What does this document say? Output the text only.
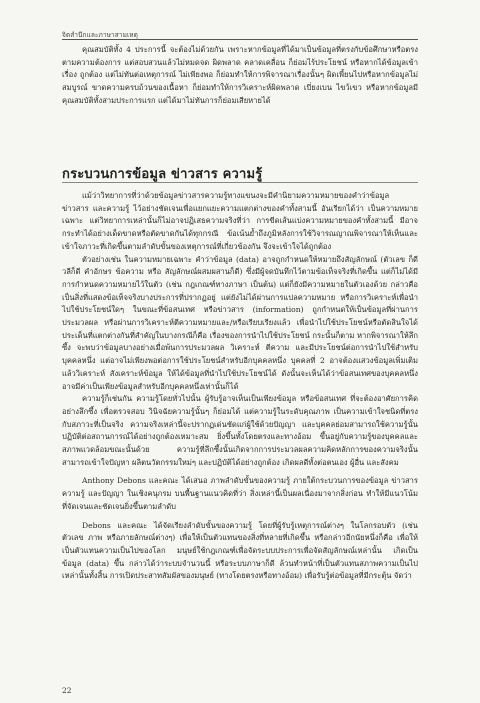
จิตสำนึกและภาษาสามเหตุ

คุณสมบัติทั้ง 4 ประการนี้ จะต้องไม่ด้วยกัน เพราะหากข้อมูลที่ได้มาเป็นข้อมูลที่ตรงกับข้อศึกษาหรือตรงตามความต้องการ แต่สอบสวนแล้วไม่หมดจด ผิดพลาด คลาดเคลื่อน ก็ย่อมไร้ประโยชน์ หรือหากได้ข้อมูลเข้าเรื่อง ถูกต้อง แต่ไม่ทันต่อเหตุการณ์ ไม่เพียงพอ ก็ย่อมทำให้การพิจารณาเรื่องนั้นๆ ผิดเพี้ยนไปหรือหากข้อมูลไม่สมบูรณ์ ขาดความครบถ้วนของเนื้อหา ก็ย่อมทำให้การวิเคราะห์ผิดพลาด เบี่ยงเบน ไขว้เขว หรือหากข้อมูลมีคุณสมบัติทั้งสามประการแรก แต่ได้มาไม่ทันการก็ย่อมเสียหายได้

กระบวนการข้อมูล ข่าวสาร ความรู้

แม้ว่าวิทยาการที่ว่าด้วยข้อมูลข่าวสารความรู้ทางแขนงจะมีคำนิยามความหมายของคำว่าข้อมูล ข่าวสาร และความรู้ ไว้อย่างชัดเจนเพื่อแยกแยะความแตกต่างของคำทั้งสามนี้ อันเรียกได้ว่า เป็นความหมายเฉพาะ แต่วิทยาการเหล่านั้นก็ไม่อาจปฏิเสธความจริงที่ว่า การขีดเส้นแบ่งความหมายของคำทั้งสามนี้ มีอาจกระทำได้อย่างเด็ดขาดหรือตัดขาดกันได้ทุกกรณี ข้อเน้นย้ำถึงภูมิหลังการใช้วิจารณญาณพิจารณาให้เห็นและเข้าใจภาวะที่เกิดขึ้นตามลำดับขั้นของเหตุการณ์ที่เกี่ยวข้องกัน จึงจะเข้าใจได้ถูกต้อง

ตัวอย่างเช่น ในความหมายเฉพาะ คำว่าข้อมูล (data) อาจถูกกำหนดให้หมายถึงสัญลักษณ์ (ตัวเลข ก็ดี วลีก็ดี คำอักษร ข้อความ หรือ สัญลักษณ์ผสมผสานก็ดี) ซึ่งมีผู้จดบันทึกไว้ตามข้อเท็จจริงที่เกิดขึ้น แต่ก็ไม่ได้มีการกำหนดความหมายไว้ในตัว (เช่น กฎเกณฑ์ทางภาษา เป็นต้น) แต่ก็ยังมีความหมายในตัวเองด้วย กล่าวคือเป็นสิ่งที่แสดงข้อเท็จจริงบางประการที่ปรากฏอยู่ แต่ยังไม่ได้ผ่านการแปลความหมาย หรือการวิเคราะห์เพื่อนำไปใช้ประโยชน์ใดๆ ในขณะที่ข้อสนเทศ หรือข่าวสาร (information) ถูกกำหนดให้เป็นข้อมูลที่ผ่านการประมวลผล หรือผ่านการวิเคราะห์ตีความหมายและ/หรือเรียบเรียงแล้ว เพื่อนำไปใช้ประโยชน์หรือตัดสินใจได้ ประเด็นที่แตกต่างกันที่สำคัญในบางกรณีก็คือ เรื่องของการนำไปใช้ประโยชน์ กระนั้นก็ตาม หากพิจารณาให้ลึกซึ้ง จะพบว่าข้อมูลบางอย่างเมื่อพ้นการประมวลผล วิเคราะห์ ตีความ และมีประโยชน์ต่อการนำไปใช้สำหรับบุคคลหนึ่ง แต่อาจไม่เพียงพอต่อการใช้ประโยชน์สำหรับอีกบุคคลหนึ่ง บุคคลที่ 2 อาจต้องแสวงข้อมูลเพิ่มเติม แล้ววิเคราะห์ สังเคราะห์ข้อมูล ให้ได้ข้อมูลที่นำไปใช้ประโยชน์ได้ ดังนั้นจะเห็นได้ว่าข้อสนเทศของบุคคลหนึ่งอาจมีค่าเป็นเพียงข้อมูลสำหรับอีกบุคคลหนึ่งเท่านั้นก็ได้

ความรู้ก็เช่นกัน ความรู้โดยทั่วไปนั้น ผู้รับรู้อาจเห็นเป็นเพียงข้อมูล หรือข้อสนเทศ ที่จะต้องอาศัยการคิดอย่างลึกซึ้ง เพื่อตรวจสอบ วินิจฉัยความรู้นั้นๆ ก็ย่อมได้ แต่ความรู้ในระดับคุณภาพ เป็นความเข้าใจชนิดที่ตรงกับสภาวะที่เป็นจริง ความจริงเหล่านี้จะปรากฏเด่นชัดแก่ผู้ใช้ด้วยปัญญา และบุคคลย่อมสามารถใช้ความรู้นั้นปฏิบัติต่อสถานการณ์ได้อย่างถูกต้องเหมาะสม ยิ่งขึ้นทั้งโดยตรงและทางอ้อม ขึ้นอยู่กับความรู้ของบุคคลและสภาพแวดล้อมขณะนั้นด้วย ความรู้ที่ลึกซึ้งนั้นเกิดจากการประมวลผลความคิดหลักการของความจริงนั้น สามารถเข้าใจปัญหา ผลิตนวัตกรรมใหม่ๆ และปฏิบัติได้อย่างถูกต้อง เกิดผลดีทั้งต่อตนเอง ผู้อื่น และสังคม

Anthony Debons และคณะ ได้เสนอ ภาพลำดับขั้นของความรู้ ภายใต้กระบวนการของข้อมูล ข่าวสาร ความรู้ และปัญญา ในเชิงคนุกรม บนพื้นฐานแนวคิดที่ว่า สิ่งเหล่านี้เป็นผลเนื่องมาจากสิ่งก่อน ทำให้มีแนวโน้มที่จัดเจนและชัดเจนยิ่งขึ้นตามลำดับ

Debons และคณะ ได้จัดเรียงลำดับขั้นของความรู้ โดยที่ผู้รับรู้เหตุการณ์ต่างๆ ในโลกรอบตัว (เช่น ตัวเลข ภาพ หรือภายลักษณ์ต่างๆ) เพื่อให้เป็นตัวแทนของสิ่งที่หลายที่เกิดขึ้น หรือกล่าวอีกนัยหนึ่งก็คือ เพื่อให้เป็นตัวแทนความเป็นไปของโลก มนุษย์ใช้กฎเกณฑ์เพื่อจัดระบบประการเพื่อจัดสัญลักษณ์เหล่านั้น เกิดเป็นข้อมูล (data) ขึ้น กล่าวได้ว่าระบบจำนวนนี้ หรือระบบภาษาก็ดี ล้วนทำหน้าที่เป็นตัวแทนสภาพความเป็นไปเหล่านั้นทั้งสิ้น การเปิดประสาทสัมผัสของมนุษย์ (ทางโดยตรงหรือทางอ้อม) เพื่อรับรู้ต่อข้อมูลที่มีกระตุ้น จัดว่า

22
